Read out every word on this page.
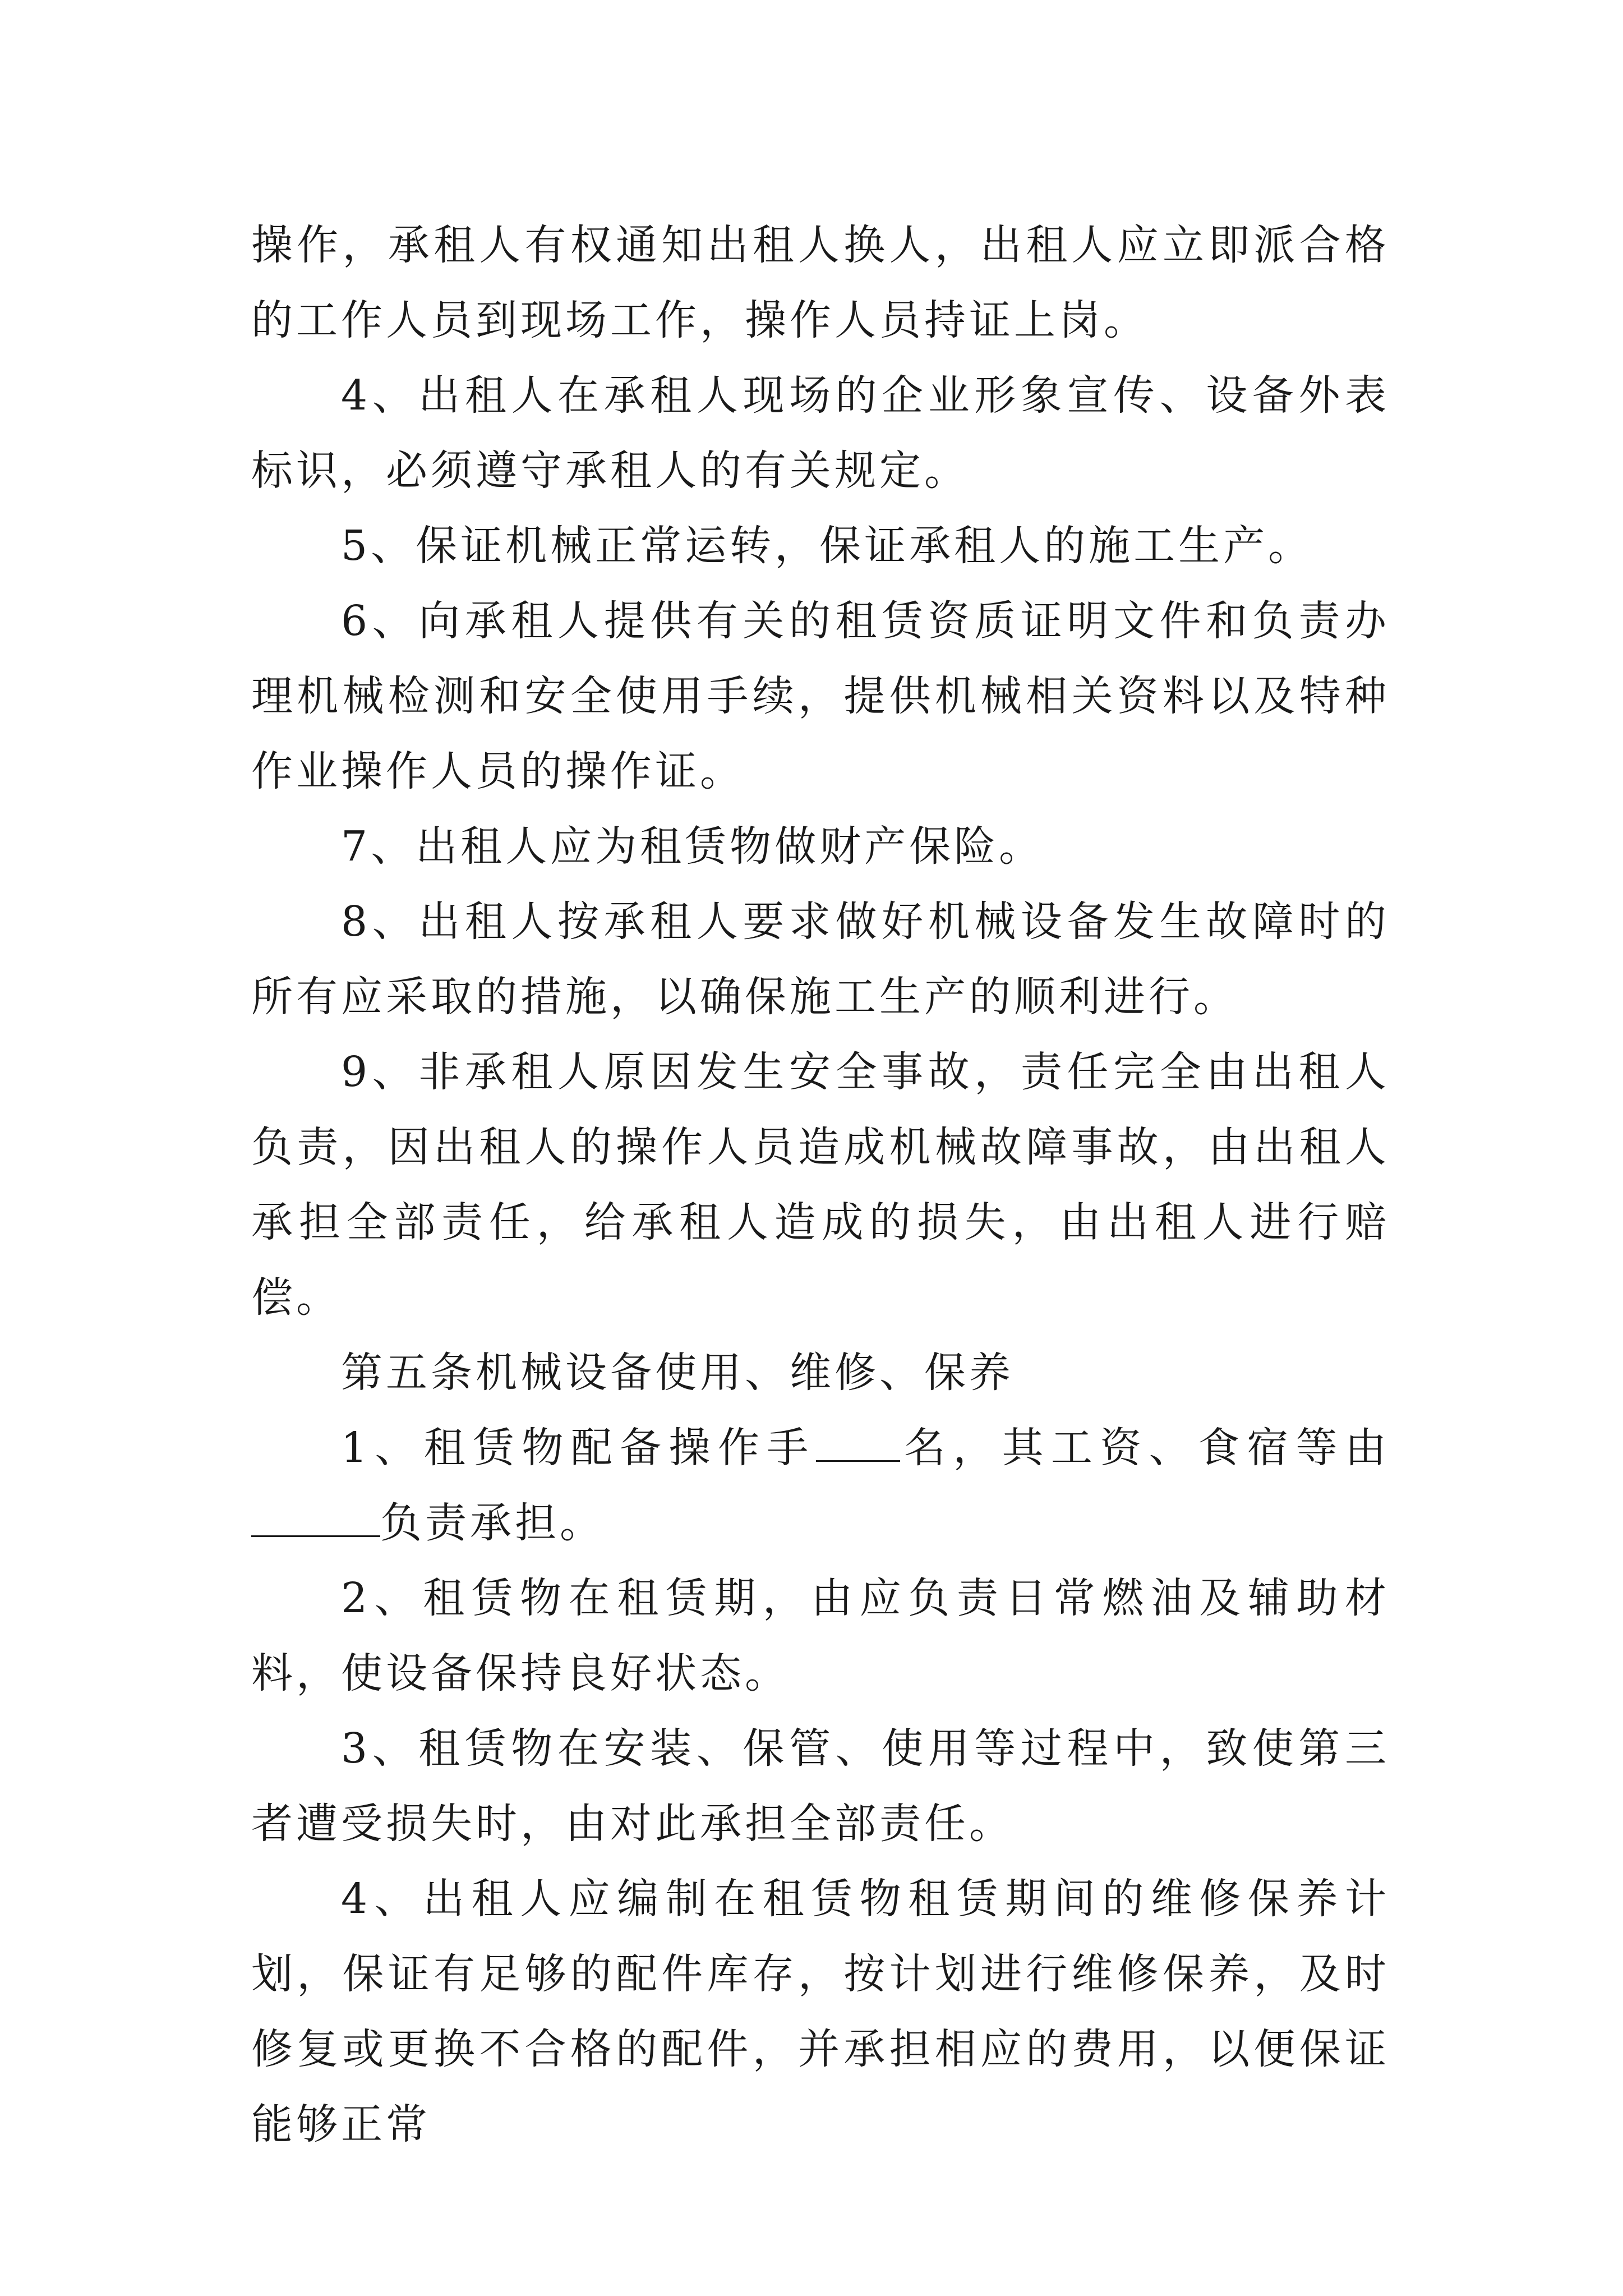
操作，承租人有权通知出租人换人，出租人应立即派合格的工作人员到现场工作，操作人员持证上岗。

4、出租人在承租人现场的企业形象宣传、设备外表标识，必须遵守承租人的有关规定。

5、保证机械正常运转，保证承租人的施工生产。

6、向承租人提供有关的租赁资质证明文件和负责办理机械检测和安全使用手续，提供机械相关资料以及特种作业操作人员的操作证。

7、出租人应为租赁物做财产保险。

8、出租人按承租人要求做好机械设备发生故障时的所有应采取的措施，以确保施工生产的顺利进行。

9、非承租人原因发生安全事故，责任完全由出租人负责，因出租人的操作人员造成机械故障事故，由出租人承担全部责任，给承租人造成的损失，由出租人进行赔偿。

第五条机械设备使用、维修、保养

1、租赁物配备操作手 名，其工资、食宿等由负责承担。

2、租赁物在租赁期，由应负责日常燃油及辅助材料，使设备保持良好状态。

3、租赁物在安装、保管、使用等过程中，致使第三者遭受损失时，由对此承担全部责任。

4、出租人应编制在租赁物租赁期间的维修保养计划，保证有足够的配件库存，按计划进行维修保养，及时修复或更换不合格的配件，并承担相应的费用，以便保证能够正常
